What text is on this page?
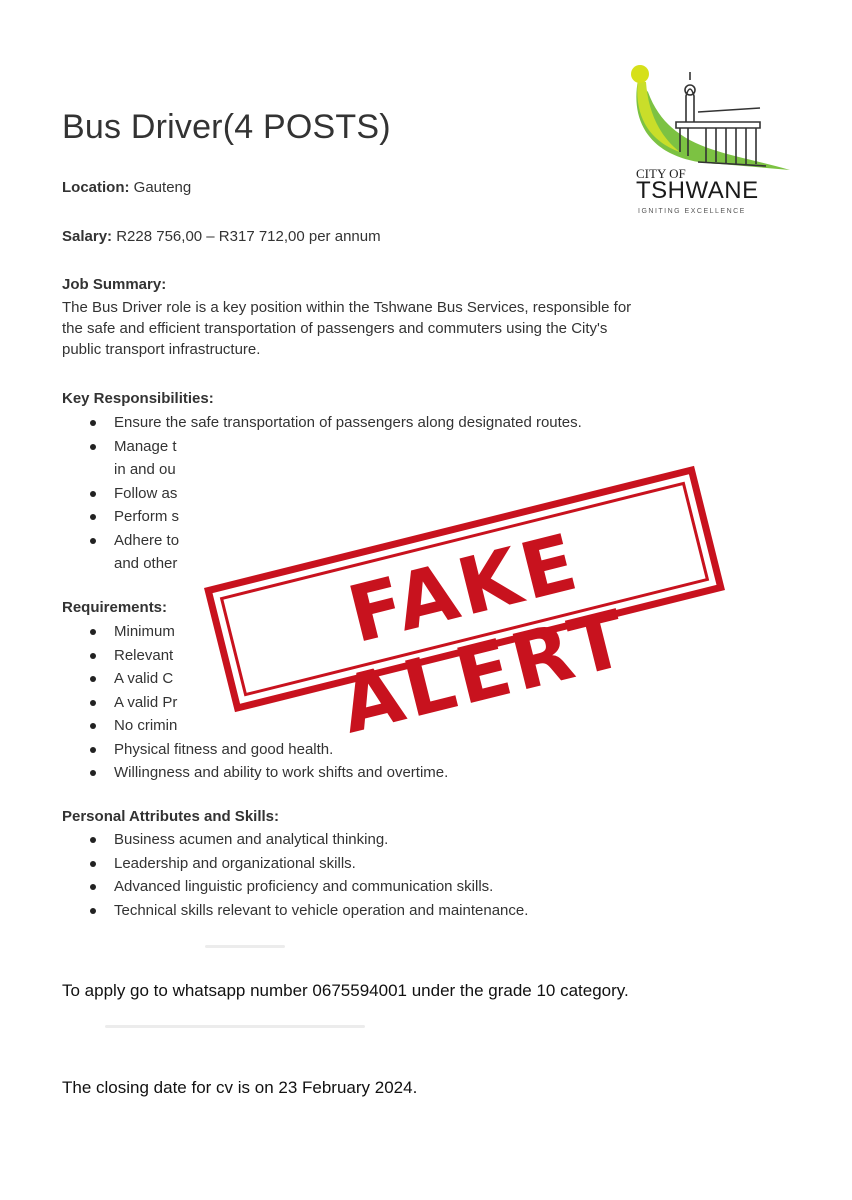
CITY OF
TSHWANE
IGNITING EXCELLENCE
Bus Driver(4 POSTS)
Location: Gauteng
Salary: R228 756,00 – R317 712,00 per annum
Job Summary:
The Bus Driver role is a key position within the Tshwane Bus Services, responsible for
the safe and efficient transportation of passengers and commuters using the City's
public transport infrastructure.
Key Responsibilities:
Ensure the safe transportation of passengers along designated routes.
Manage t
in and ou
Follow as
Perform s
Adhere to
and other
Requirements:
Minimum
Relevant
A valid C
A valid Pr
No crimin
Physical fitness and good health.
Willingness and ability to work shifts and overtime.
Personal Attributes and Skills:
Business acumen and analytical thinking.
Leadership and organizational skills.
Advanced linguistic proficiency and communication skills.
Technical skills relevant to vehicle operation and maintenance.
To apply go to whatsapp number 0675594001 under the grade 10 category.
The closing date for cv is on 23 February 2024.
FAKE ALERT
